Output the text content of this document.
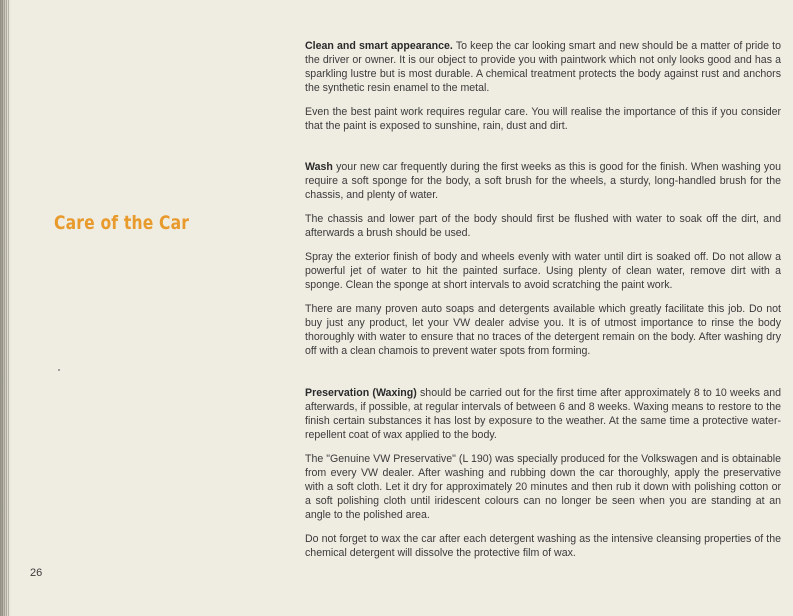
Care of the Car

Clean and smart appearance. To keep the car looking smart and new should be a matter of pride to the driver or owner. It is our object to provide you with paintwork which not only looks good and has a sparkling lustre but is most durable. A chemical treatment protects the body against rust and anchors the synthetic resin enamel to the metal.

Even the best paint work requires regular care. You will realise the importance of this if you consider that the paint is exposed to sunshine, rain, dust and dirt.

Wash your new car frequently during the first weeks as this is good for the finish. When washing you require a soft sponge for the body, a soft brush for the wheels, a sturdy, long-handled brush for the chassis, and plenty of water.

The chassis and lower part of the body should first be flushed with water to soak off the dirt, and afterwards a brush should be used.

Spray the exterior finish of body and wheels evenly with water until dirt is soaked off. Do not allow a powerful jet of water to hit the painted surface. Using plenty of clean water, remove dirt with a sponge. Clean the sponge at short intervals to avoid scratching the paint work.

There are many proven auto soaps and detergents available which greatly facilitate this job. Do not buy just any product, let your VW dealer advise you. It is of utmost importance to rinse the body thoroughly with water to ensure that no traces of the detergent remain on the body. After washing dry off with a clean chamois to prevent water spots from forming.

Preservation (Waxing) should be carried out for the first time after approximately 8 to 10 weeks and afterwards, if possible, at regular intervals of between 6 and 8 weeks. Waxing means to restore to the finish certain substances it has lost by exposure to the weather. At the same time a protective water-repellent coat of wax applied to the body.

The "Genuine VW Preservative" (L 190) was specially produced for the Volkswagen and is obtainable from every VW dealer. After washing and rubbing down the car thoroughly, apply the preservative with a soft cloth. Let it dry for approximately 20 minutes and then rub it down with polishing cotton or a soft polishing cloth until iridescent colours can no longer be seen when you are standing at an angle to the polished area.

Do not forget to wax the car after each detergent washing as the intensive cleansing properties of the chemical detergent will dissolve the protective film of wax.

26
